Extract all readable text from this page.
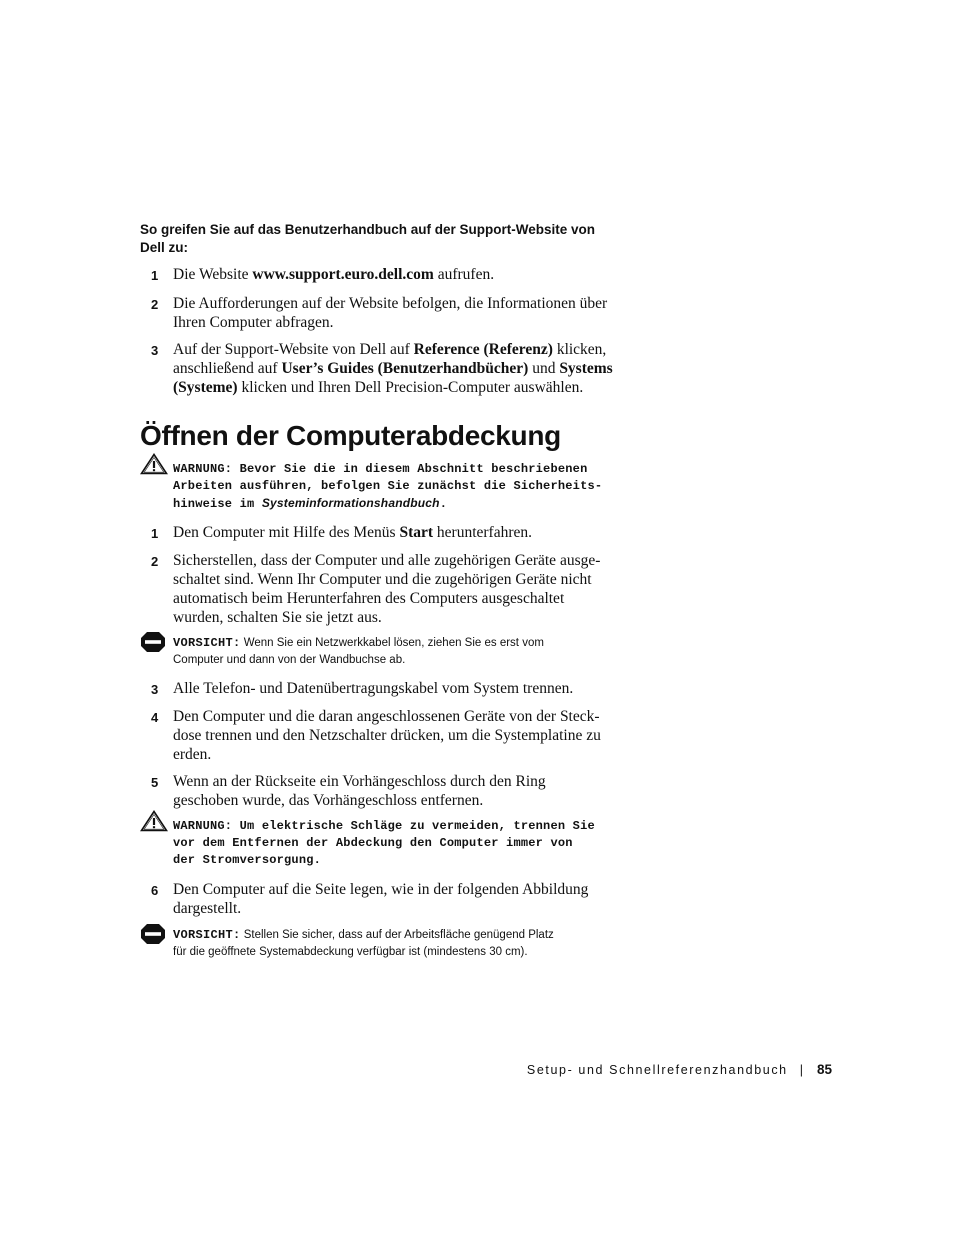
So greifen Sie auf das Benutzerhandbuch auf der Support-Website von
Dell zu:
1 Die Website www.support.euro.dell.com aufrufen.
2 Die Aufforderungen auf der Website befolgen, die Informationen über
Ihren Computer abfragen.
3 Auf der Support-Website von Dell auf Reference (Referenz) klicken,
anschließend auf User’s Guides (Benutzerhandbücher) und Systems
(Systeme) klicken und Ihren Dell Precision-Computer auswählen.
Öffnen der Computerabdeckung
WARNUNG: Bevor Sie die in diesem Abschnitt beschriebenen
Arbeiten ausführen, befolgen Sie zunächst die Sicherheits-
hinweise im Systeminformationshandbuch.
1 Den Computer mit Hilfe des Menüs Start herunterfahren.
2 Sicherstellen, dass der Computer und alle zugehörigen Geräte ausge-
schaltet sind. Wenn Ihr Computer und die zugehörigen Geräte nicht
automatisch beim Herunterfahren des Computers ausgeschaltet
wurden, schalten Sie sie jetzt aus.
VORSICHT: Wenn Sie ein Netzwerkkabel lösen, ziehen Sie es erst vom
Computer und dann von der Wandbuchse ab.
3 Alle Telefon- und Datenübertragungskabel vom System trennen.
4 Den Computer und die daran angeschlossenen Geräte von der Steck-
dose trennen und den Netzschalter drücken, um die Systemplatine zu
erden.
5 Wenn an der Rückseite ein Vorhängeschloss durch den Ring
geschoben wurde, das Vorhängeschloss entfernen.
WARNUNG: Um elektrische Schläge zu vermeiden, trennen Sie
vor dem Entfernen der Abdeckung den Computer immer von
der Stromversorgung.
6 Den Computer auf die Seite legen, wie in der folgenden Abbildung
dargestellt.
VORSICHT: Stellen Sie sicher, dass auf der Arbeitsfläche genügend Platz
für die geöffnete Systemabdeckung verfügbar ist (mindestens 30 cm).
Setup- und Schnellreferenzhandbuch | 85
